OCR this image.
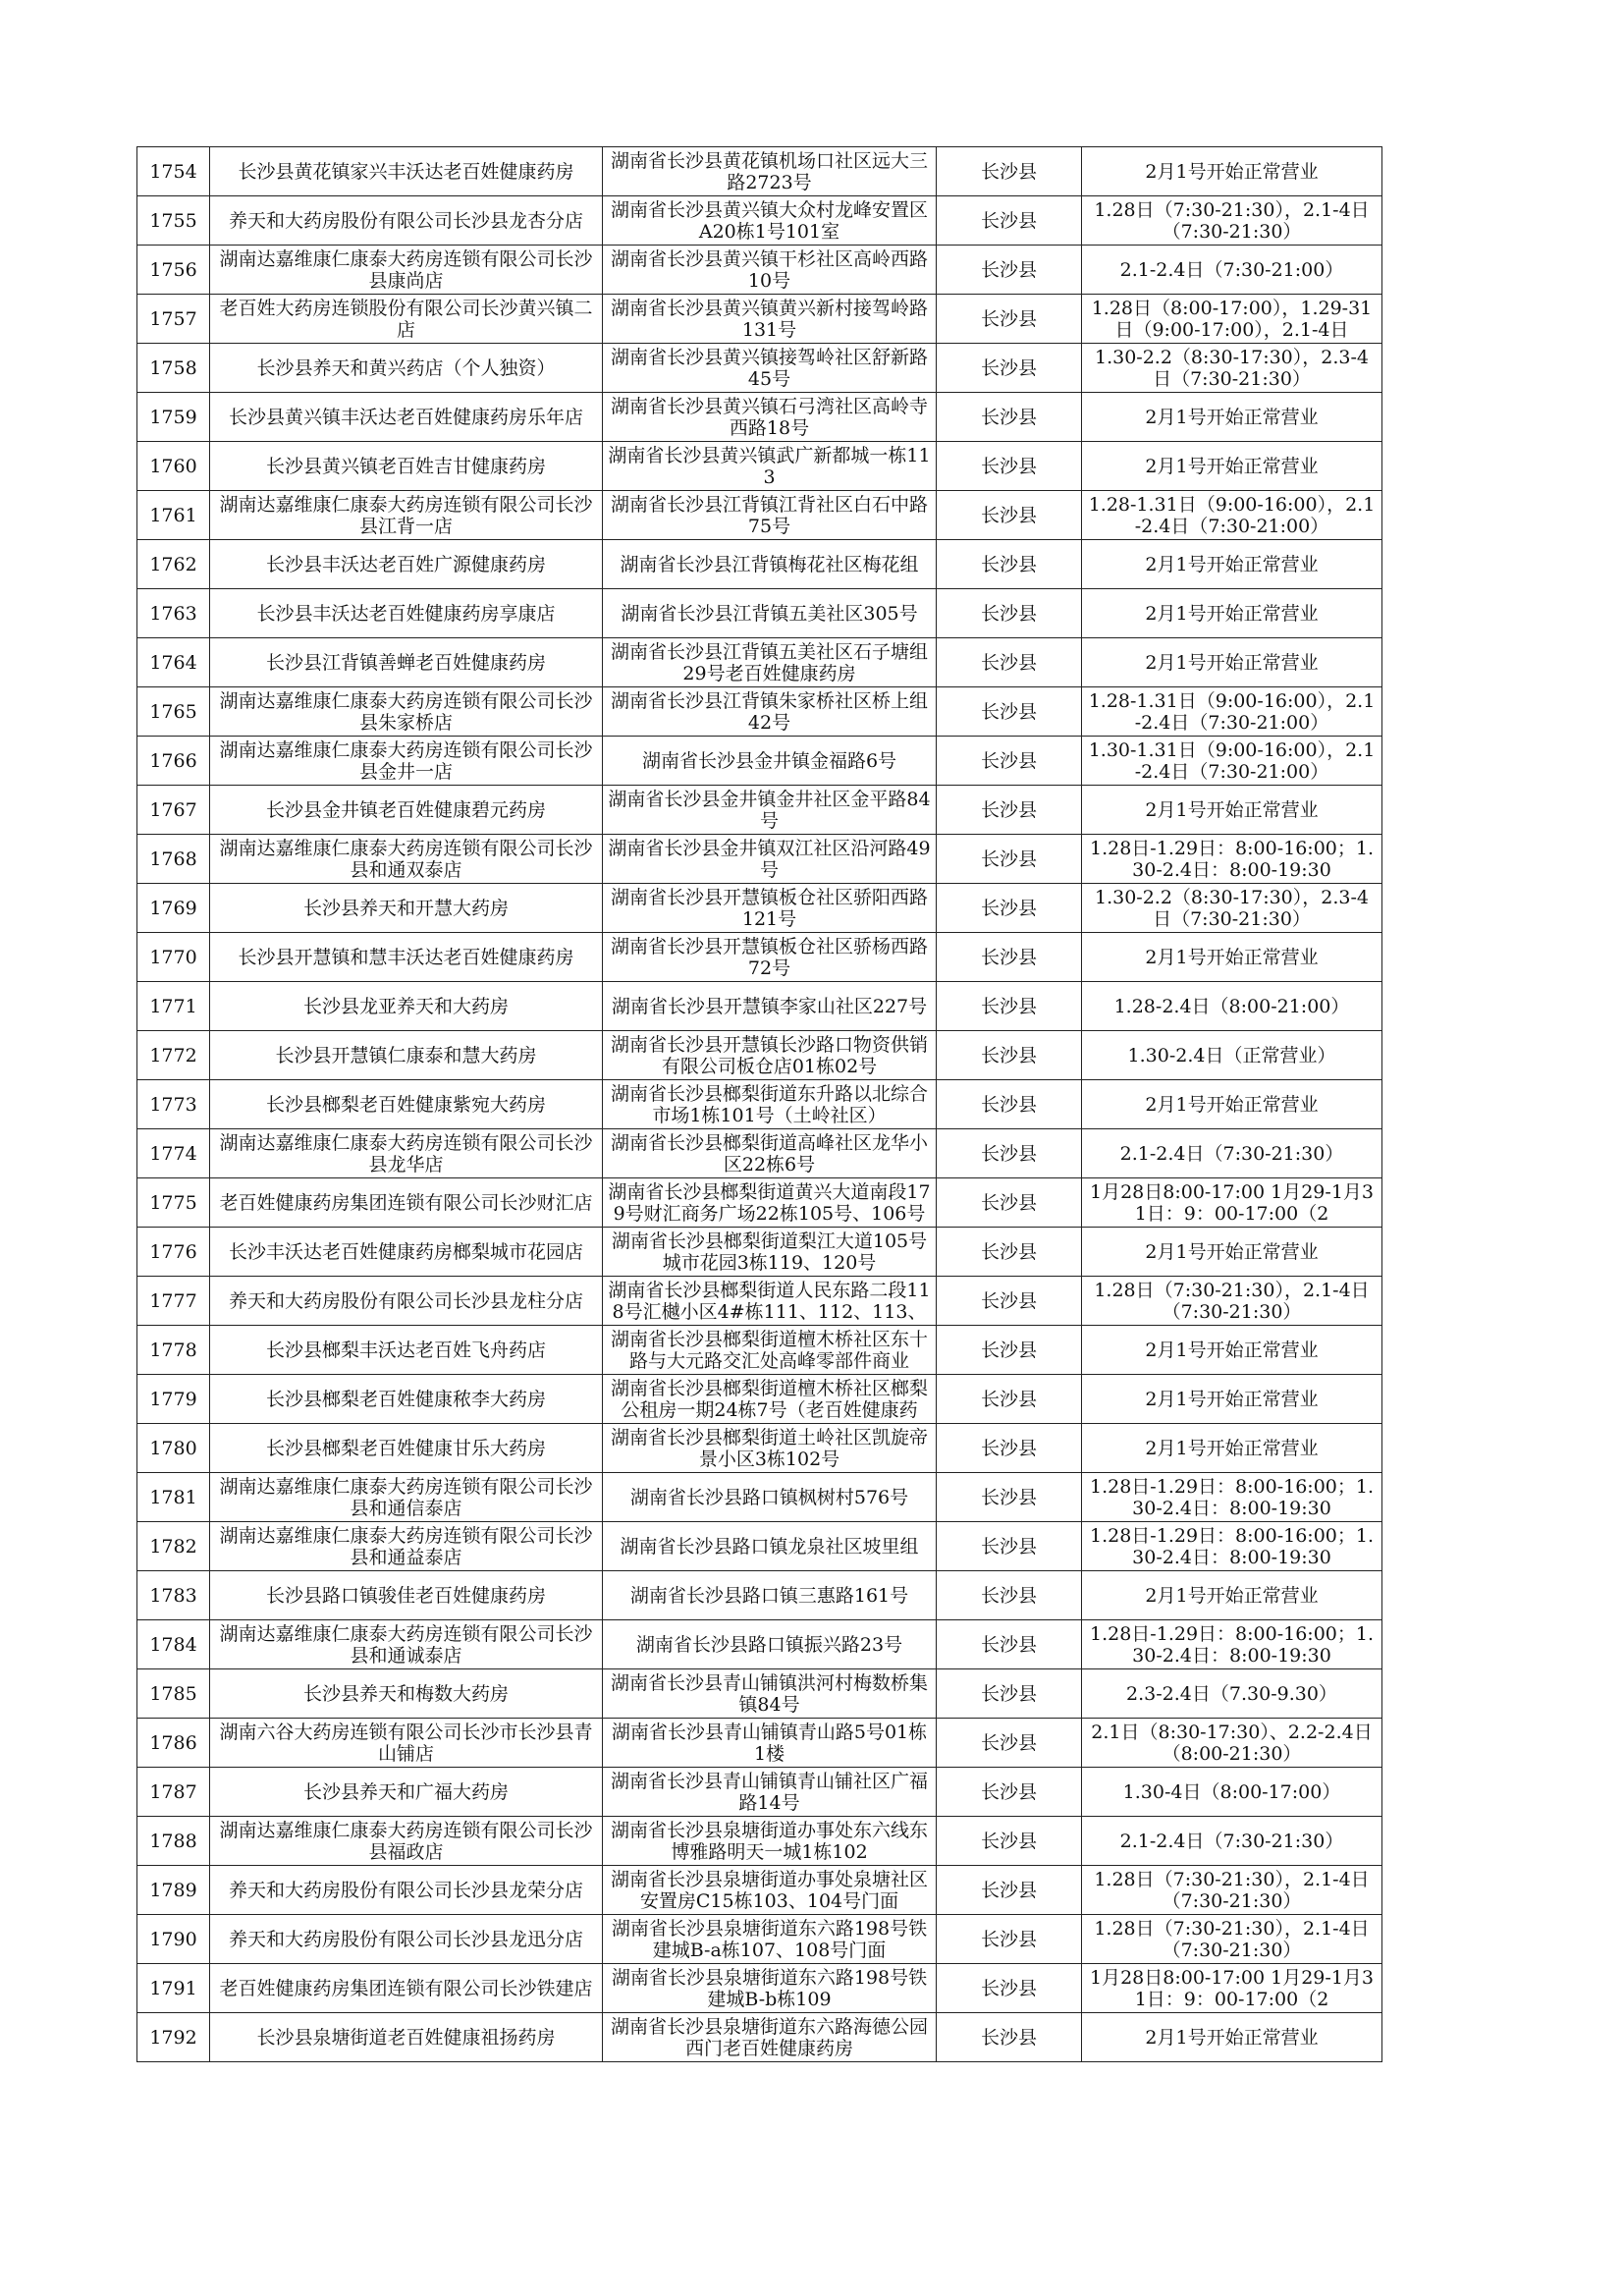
1754	长沙县黄花镇家兴丰沃达老百姓健康药房	湖南省长沙县黄花镇机场口社区远大三路2723号	长沙县	2月1号开始正常营业

1755	养天和大药房股份有限公司长沙县龙杏分店	湖南省长沙县黄兴镇大众村龙峰安置区 A20栋1号101室	长沙县	1.28日（7:30-21:30），2.1-4日（7:30-21:30）

1756	湖南达嘉维康仁康泰大药房连锁有限公司长沙县康尚店	湖南省长沙县黄兴镇干杉社区高岭西路10号	长沙县	2.1-2.4日（7:30-21:00）

1757	老百姓大药房连锁股份有限公司长沙黄兴镇二店	湖南省长沙县黄兴镇黄兴新村接驾岭路131号	长沙县	1.28日（8:00-17:00），1.29-31日（9:00-17:00），2.1-4日

1758	长沙县养天和黄兴药店（个人独资）	湖南省长沙县黄兴镇接驾岭社区舒新路45号	长沙县	1.30-2.2（8:30-17:30），2.3-4日（7:30-21:30）

1759	长沙县黄兴镇丰沃达老百姓健康药房乐年店	湖南省长沙县黄兴镇石弓湾社区高岭寺西路18号	长沙县	2月1号开始正常营业

1760	长沙县黄兴镇老百姓吉甘健康药房	湖南省长沙县黄兴镇武广新都城一栋113	长沙县	2月1号开始正常营业

1761	湖南达嘉维康仁康泰大药房连锁有限公司长沙县江背一店	湖南省长沙县江背镇江背社区白石中路75号	长沙县	1.28-1.31日（9:00-16:00），2.1-2.4日（7:30-21:00）

1762	长沙县丰沃达老百姓广源健康药房	湖南省长沙县江背镇梅花社区梅花组	长沙县	2月1号开始正常营业

1763	长沙县丰沃达老百姓健康药房享康店	湖南省长沙县江背镇五美社区305号	长沙县	2月1号开始正常营业

1764	长沙县江背镇善蝉老百姓健康药房	湖南省长沙县江背镇五美社区石子塘组29号老百姓健康药房	长沙县	2月1号开始正常营业

1765	湖南达嘉维康仁康泰大药房连锁有限公司长沙县朱家桥店	湖南省长沙县江背镇朱家桥社区桥上组42号	长沙县	1.28-1.31日（9:00-16:00），2.1-2.4日（7:30-21:00）

1766	湖南达嘉维康仁康泰大药房连锁有限公司长沙县金井一店	湖南省长沙县金井镇金福路6号	长沙县	1.30-1.31日（9:00-16:00），2.1-2.4日（7:30-21:00）

1767	长沙县金井镇老百姓健康碧元药房	湖南省长沙县金井镇金井社区金平路84号	长沙县	2月1号开始正常营业

1768	湖南达嘉维康仁康泰大药房连锁有限公司长沙县和通双泰店	湖南省长沙县金井镇双江社区沿河路49号	长沙县	1.28日-1.29日：8:00-16:00；1.30-2.4日：8:00-19:30

1769	长沙县养天和开慧大药房	湖南省长沙县开慧镇板仓社区骄阳西路121号	长沙县	1.30-2.2（8:30-17:30），2.3-4日（7:30-21:30）

1770	长沙县开慧镇和慧丰沃达老百姓健康药房	湖南省长沙县开慧镇板仓社区骄杨西路72号	长沙县	2月1号开始正常营业

1771	长沙县龙亚养天和大药房	湖南省长沙县开慧镇李家山社区227号	长沙县	1.28-2.4日（8:00-21:00）

1772	长沙县开慧镇仁康泰和慧大药房	湖南省长沙县开慧镇长沙路口物资供销有限公司板仓店01栋02号	长沙县	1.30-2.4日（正常营业）

1773	长沙县榔梨老百姓健康紫宛大药房	湖南省长沙县榔梨街道东升路以北综合市场1栋101号（土岭社区）	长沙县	2月1号开始正常营业

1774	湖南达嘉维康仁康泰大药房连锁有限公司长沙县龙华店	湖南省长沙县榔梨街道高峰社区龙华小区22栋6号	长沙县	2.1-2.4日（7:30-21:30）

1775	老百姓健康药房集团连锁有限公司长沙财汇店	湖南省长沙县榔梨街道黄兴大道南段179号财汇商务广场22栋105号、106号	长沙县	1月28日8:00-17:00 1月29-1月31日：9：00-17:00（2

1776	长沙丰沃达老百姓健康药房榔梨城市花园店	湖南省长沙县榔梨街道梨江大道105号城市花园3栋119、120号	长沙县	2月1号开始正常营业

1777	养天和大药房股份有限公司长沙县龙柱分店	湖南省长沙县榔梨街道人民东路二段118号汇樾小区4#栋111、112、113、	长沙县	1.28日（7:30-21:30），2.1-4日（7:30-21:30）

1778	长沙县榔梨丰沃达老百姓飞舟药店	湖南省长沙县榔梨街道檀木桥社区东十路与大元路交汇处高峰零部件商业	长沙县	2月1号开始正常营业

1779	长沙县榔梨老百姓健康秾李大药房	湖南省长沙县榔梨街道檀木桥社区榔梨公租房一期24栋7号（老百姓健康药	长沙县	2月1号开始正常营业

1780	长沙县榔梨老百姓健康甘乐大药房	湖南省长沙县榔梨街道土岭社区凯旋帝景小区3栋102号	长沙县	2月1号开始正常营业

1781	湖南达嘉维康仁康泰大药房连锁有限公司长沙县和通信泰店	湖南省长沙县路口镇枫树村576号	长沙县	1.28日-1.29日：8:00-16:00；1.30-2.4日：8:00-19:30

1782	湖南达嘉维康仁康泰大药房连锁有限公司长沙县和通益泰店	湖南省长沙县路口镇龙泉社区坡里组	长沙县	1.28日-1.29日：8:00-16:00；1.30-2.4日：8:00-19:30

1783	长沙县路口镇骏佳老百姓健康药房	湖南省长沙县路口镇三惠路161号	长沙县	2月1号开始正常营业

1784	湖南达嘉维康仁康泰大药房连锁有限公司长沙县和通诚泰店	湖南省长沙县路口镇振兴路23号	长沙县	1.28日-1.29日：8:00-16:00；1.30-2.4日：8:00-19:30

1785	长沙县养天和梅数大药房	湖南省长沙县青山铺镇洪河村梅数桥集镇84号	长沙县	2.3-2.4日（7.30-9.30）

1786	湖南六谷大药房连锁有限公司长沙市长沙县青山铺店	湖南省长沙县青山铺镇青山路5号01栋1楼	长沙县	2.1日（8:30-17:30）、2.2-2.4日（8:00-21:30）

1787	长沙县养天和广福大药房	湖南省长沙县青山铺镇青山铺社区广福路14号	长沙县	1.30-4日（8:00-17:00）

1788	湖南达嘉维康仁康泰大药房连锁有限公司长沙县福政店	湖南省长沙县泉塘街道办事处东六线东博雅路明天一城1栋102	长沙县	2.1-2.4日（7:30-21:30）

1789	养天和大药房股份有限公司长沙县龙荣分店	湖南省长沙县泉塘街道办事处泉塘社区安置房C15栋103、104号门面	长沙县	1.28日（7:30-21:30），2.1-4日（7:30-21:30）

1790	养天和大药房股份有限公司长沙县龙迅分店	湖南省长沙县泉塘街道东六路198号铁建城B-a栋107、108号门面	长沙县	1.28日（7:30-21:30），2.1-4日（7:30-21:30）

1791	老百姓健康药房集团连锁有限公司长沙铁建店	湖南省长沙县泉塘街道东六路198号铁建城B-b栋109	长沙县	1月28日8:00-17:00 1月29-1月31日：9：00-17:00（2

1792	长沙县泉塘街道老百姓健康祖扬药房	湖南省长沙县泉塘街道东六路海德公园西门老百姓健康药房	长沙县	2月1号开始正常营业
